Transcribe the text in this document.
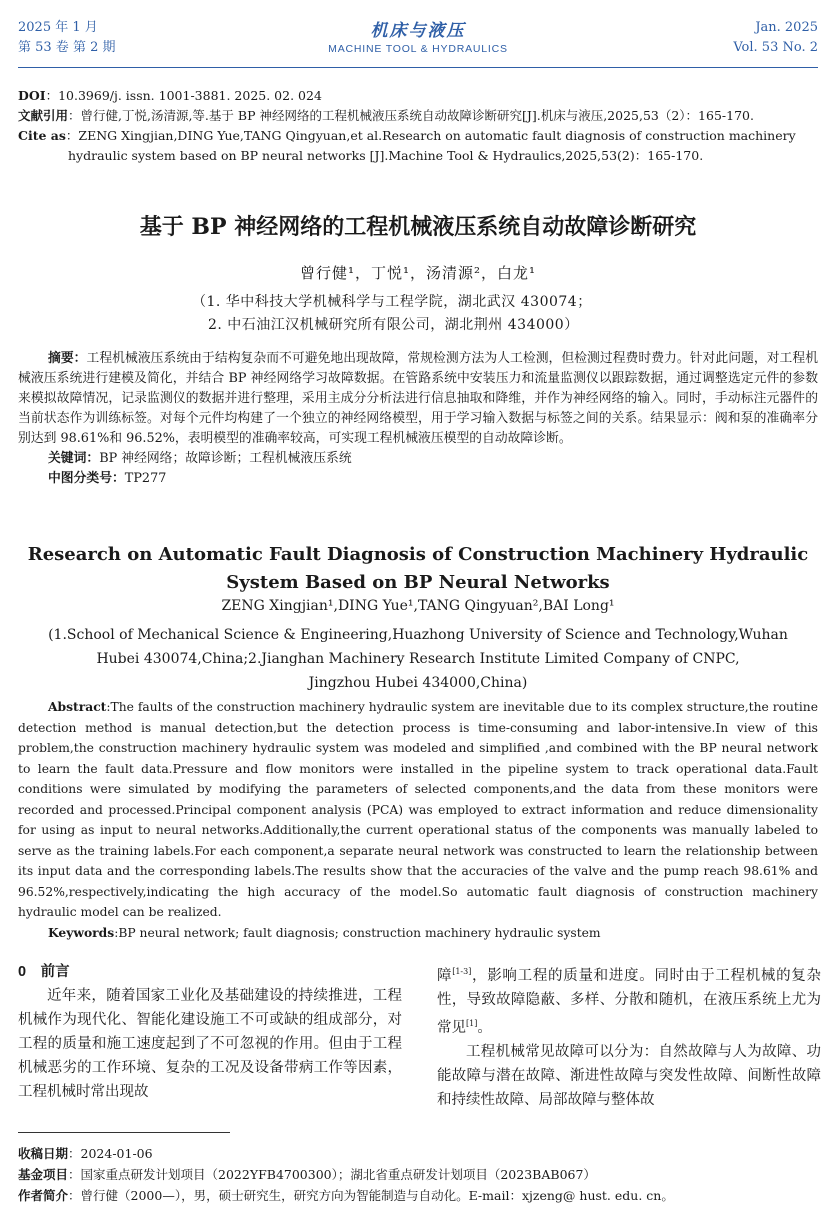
2025 年 1 月
第 53 卷 第 2 期
机床与液压
MACHINE TOOL & HYDRAULICS
Jan. 2025
Vol. 53 No. 2

DOI：10.3969/j. issn. 1001-3881. 2025. 02. 024

文献引用：曾行健,丁悦,汤清源,等.基于 BP 神经网络的工程机械液压系统自动故障诊断研究[J].机床与液压,2025,53（2）：165-170.

Cite as：ZENG Xingjian,DING Yue,TANG Qingyuan,et al.Research on automatic fault diagnosis of construction machinery hydraulic system based on BP neural networks [J].Machine Tool & Hydraulics,2025,53(2)：165-170.

基于 BP 神经网络的工程机械液压系统自动故障诊断研究
曾行健¹，丁悦¹，汤清源²，白龙¹

（1. 华中科技大学机械科学与工程学院，湖北武汉 430074；

2. 中石油江汉机械研究所有限公司，湖北荆州 434000）

摘要：工程机械液压系统由于结构复杂而不可避免地出现故障，常规检测方法为人工检测，但检测过程费时费力。针对此问题，对工程机械液压系统进行建模及简化，并结合 BP 神经网络学习故障数据。在管路系统中安装压力和流量监测仪以跟踪数据，通过调整选定元件的参数来模拟故障情况，记录监测仪的数据并进行整理，采用主成分分析法进行信息抽取和降维，并作为神经网络的输入。同时，手动标注元器件的当前状态作为训练标签。对每个元件均构建了一个独立的神经网络模型，用于学习输入数据与标签之间的关系。结果显示：阀和泵的准确率分别达到 98.61%和 96.52%，表明模型的准确率较高，可实现工程机械液压模型的自动故障诊断。

关键词：BP 神经网络；故障诊断；工程机械液压系统

中图分类号：TP277

Research on Automatic Fault Diagnosis of Construction Machinery Hydraulic
System Based on BP Neural Networks
ZENG Xingjian¹,DING Yue¹,TANG Qingyuan²,BAI Long¹
(1.School of Mechanical Science & Engineering,Huazhong University of Science and Technology,Wuhan
Hubei 430074,China;2.Jianghan Machinery Research Institute Limited Company of CNPC,
Jingzhou Hubei 434000,China)

Abstract:The faults of the construction machinery hydraulic system are inevitable due to its complex structure,the routine detection method is manual detection,but the detection process is time-consuming and labor-intensive.In view of this problem,the construction machinery hydraulic system was modeled and simplified ,and combined with the BP neural network to learn the fault data.Pressure and flow monitors were installed in the pipeline system to track operational data.Fault conditions were simulated by modifying the parameters of selected components,and the data from these monitors were recorded and processed.Principal component analysis (PCA) was employed to extract information and reduce dimensionality for using as input to neural networks.Additionally,the current operational status of the components was manually labeled to serve as the training labels.For each component,a separate neural network was constructed to learn the relationship between its input data and the corresponding labels.The results show that the accuracies of the valve and the pump reach 98.61% and 96.52%,respectively,indicating the high accuracy of the model.So automatic fault diagnosis of construction machinery hydraulic model can be realized.

Keywords:BP neural network; fault diagnosis; construction machinery hydraulic system

0　前言

近年来，随着国家工业化及基础建设的持续推进，工程机械作为现代化、智能化建设施工不可或缺的组成部分，对工程的质量和施工速度起到了不可忽视的作用。但由于工程机械恶劣的工作环境、复杂的工况及设备带病工作等因素，工程机械时常出现故

障[1-3]，影响工程的质量和进度。同时由于工程机械的复杂性，导致故障隐蔽、多样、分散和随机，在液压系统上尤为常见[1]。

工程机械常见故障可以分为：自然故障与人为故障、功能故障与潜在故障、渐进性故障与突发性故障、间断性故障和持续性故障、局部故障与整体故

收稿日期：2024-01-06

基金项目：国家重点研发计划项目（2022YFB4700300）；湖北省重点研发计划项目（2023BAB067）

作者简介：曾行健（2000—），男，硕士研究生，研究方向为智能制造与自动化。E-mail：xjzeng@ hust. edu. cn。
